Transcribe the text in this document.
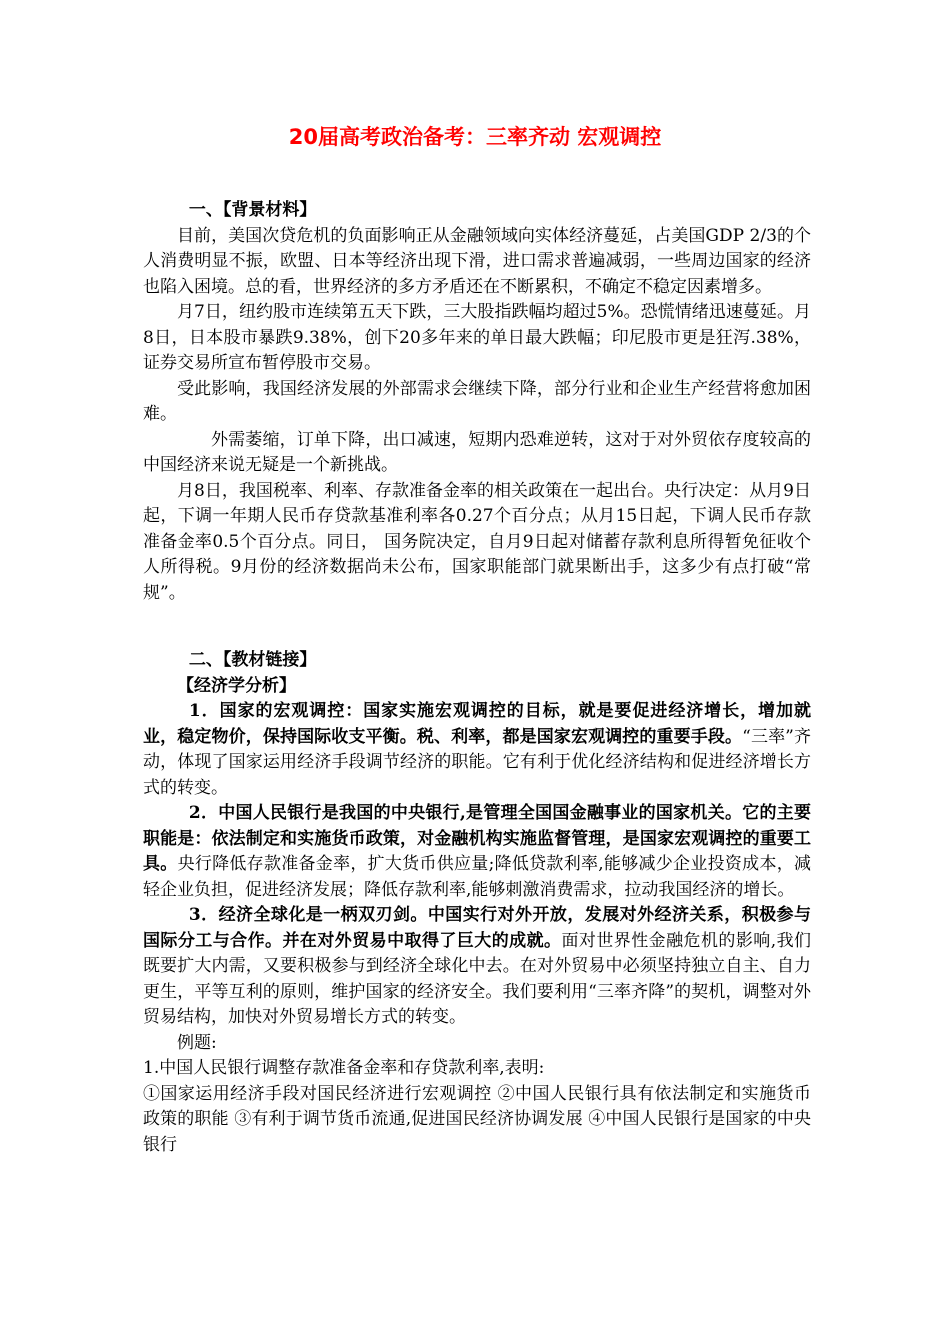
20届高考政治备考：三率齐动 宏观调控

一、【背景材料】

目前，美国次贷危机的负面影响正从金融领域向实体经济蔓延，占美国GDP 2/3的个人消费明显不振，欧盟、日本等经济出现下滑，进口需求普遍减弱，一些周边国家的经济也陷入困境。总的看，世界经济的多方矛盾还在不断累积，不确定不稳定因素增多。

月7日，纽约股市连续第五天下跌，三大股指跌幅均超过5%。恐慌情绪迅速蔓延。月8日，日本股市暴跌9.38%，创下20多年来的单日最大跌幅；印尼股市更是狂泻.38%，证券交易所宣布暂停股市交易。

受此影响，我国经济发展的外部需求会继续下降，部分行业和企业生产经营将愈加困难。

外需萎缩，订单下降，出口减速，短期内恐难逆转，这对于对外贸依存度较高的中国经济来说无疑是一个新挑战。

月8日，我国税率、利率、存款准备金率的相关政策在一起出台。央行决定：从月9日起，下调一年期人民币存贷款基准利率各0.27个百分点；从月15日起，下调人民币存款准备金率0.5个百分点。同日， 国务院决定，自月9日起对储蓄存款利息所得暂免征收个人所得税。9月份的经济数据尚未公布，国家职能部门就果断出手，这多少有点打破“常规”。

二、【教材链接】

【经济学分析】

1．国家的宏观调控：国家实施宏观调控的目标，就是要促进经济增长，增加就业，稳定物价，保持国际收支平衡。税、利率，都是国家宏观调控的重要手段。“三率”齐动，体现了国家运用经济手段调节经济的职能。它有利于优化经济结构和促进经济增长方式的转变。

2．中国人民银行是我国的中央银行,是管理全国国金融事业的国家机关。它的主要职能是：依法制定和实施货币政策，对金融机构实施监督管理，是国家宏观调控的重要工具。央行降低存款准备金率，扩大货币供应量;降低贷款利率,能够减少企业投资成本，减轻企业负担，促进经济发展；降低存款利率,能够刺激消费需求，拉动我国经济的增长。

3．经济全球化是一柄双刃剑。中国实行对外开放，发展对外经济关系，积极参与国际分工与合作。并在对外贸易中取得了巨大的成就。面对世界性金融危机的影响,我们既要扩大内需，又要积极参与到经济全球化中去。在对外贸易中必须坚持独立自主、自力更生，平等互利的原则，维护国家的经济安全。我们要利用“三率齐降”的契机，调整对外贸易结构，加快对外贸易增长方式的转变。

例题:

1.中国人民银行调整存款准备金率和存贷款利率,表明:

①国家运用经济手段对国民经济进行宏观调控 ②中国人民银行具有依法制定和实施货币政策的职能 ③有利于调节货币流通,促进国民经济协调发展 ④中国人民银行是国家的中央银行
